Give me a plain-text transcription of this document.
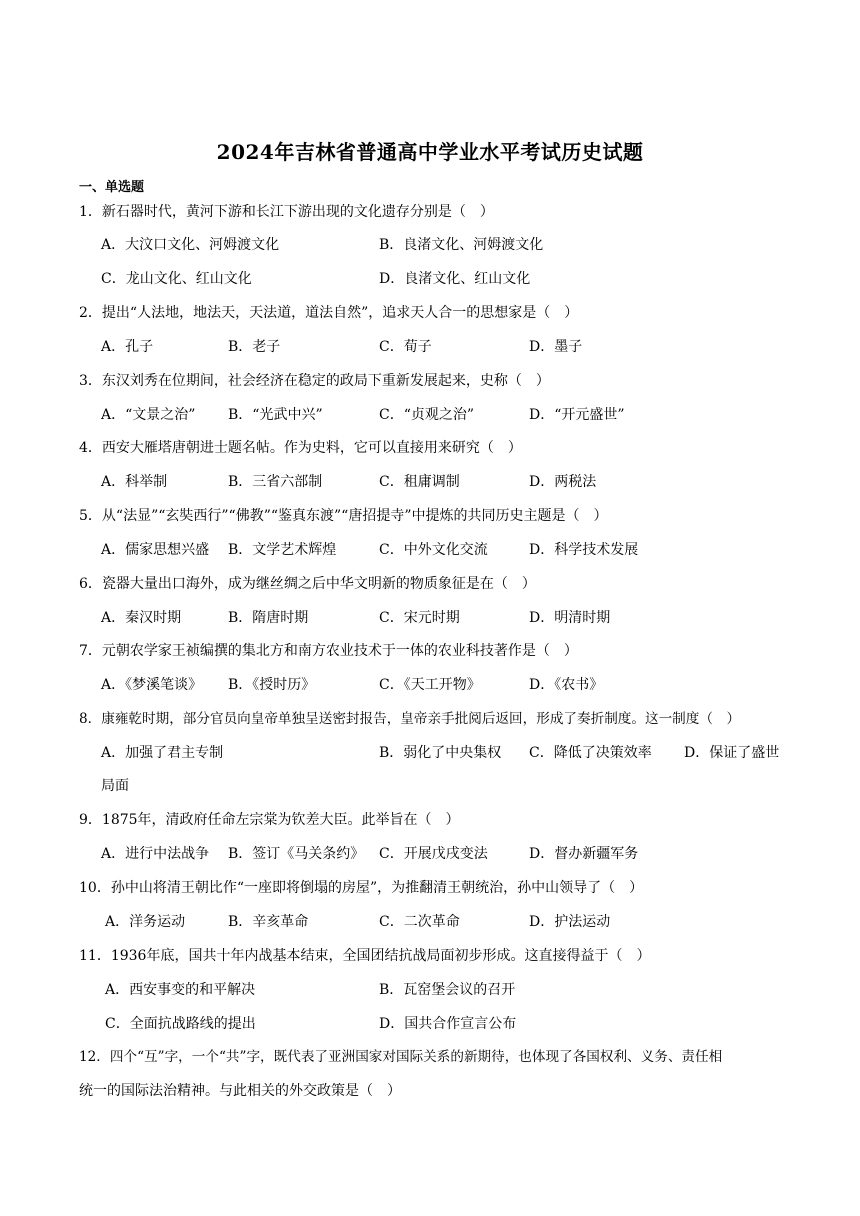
2024年吉林省普通高中学业水平考试历史试题
一、单选题
1．新石器时代，黄河下游和长江下游出现的文化遗存分别是（　）
A．大汶口文化、河姆渡文化	B．良渚文化、河姆渡文化
C．龙山文化、红山文化	D．良渚文化、红山文化
2．提出“人法地，地法天，天法道，道法自然”，追求天人合一的思想家是（　）
A．孔子	B．老子	C．荀子	D．墨子
3．东汉刘秀在位期间，社会经济在稳定的政局下重新发展起来，史称（　）
A．“文景之治” B．“光武中兴”	C．“贞观之治”	D．“开元盛世”
4．西安大雁塔唐朝进士题名帖。作为史料，它可以直接用来研究（　）
A．科举制	B．三省六部制	C．租庸调制	D．两税法
5．从“法显”“玄奘西行”“佛教”“鉴真东渡”“唐招提寺”中提炼的共同历史主题是（　）
A．儒家思想兴盛 B．文学艺术辉煌	C．中外文化交流	D．科学技术发展
6．瓷器大量出口海外，成为继丝绸之后中华文明新的物质象征是在（　）
A．秦汉时期	B．隋唐时期	C．宋元时期	D．明清时期
7．元朝农学家王祯编撰的集北方和南方农业技术于一体的农业科技著作是（　）
A．《梦溪笔谈》 B．《授时历》	C．《天工开物》	D．《农书》
8．康雍乾时期，部分官员向皇帝单独呈送密封报告，皇帝亲手批阅后返回，形成了奏折制度。这一制度（　）
A．加强了君主专制	B．弱化了中央集权 C．降低了决策效率 D．保证了盛世
局面
9．1875年，清政府任命左宗棠为钦差大臣。此举旨在（　）
A．进行中法战争 B．签订《马关条约》 C．开展戊戌变法	D．督办新疆军务
10．孙中山将清王朝比作“一座即将倒塌的房屋”，为推翻清王朝统治，孙中山领导了（　）
A．洋务运动	B．辛亥革命	C．二次革命	D．护法运动
11．1936年底，国共十年内战基本结束，全国团结抗战局面初步形成。这直接得益于（　）
A．西安事变的和平解决	B．瓦窑堡会议的召开
C．全面抗战路线的提出	D．国共合作宣言公布
12．四个“互”字，一个“共”字，既代表了亚洲国家对国际关系的新期待，也体现了各国权利、义务、责任相
统一的国际法治精神。与此相关的外交政策是（　）
